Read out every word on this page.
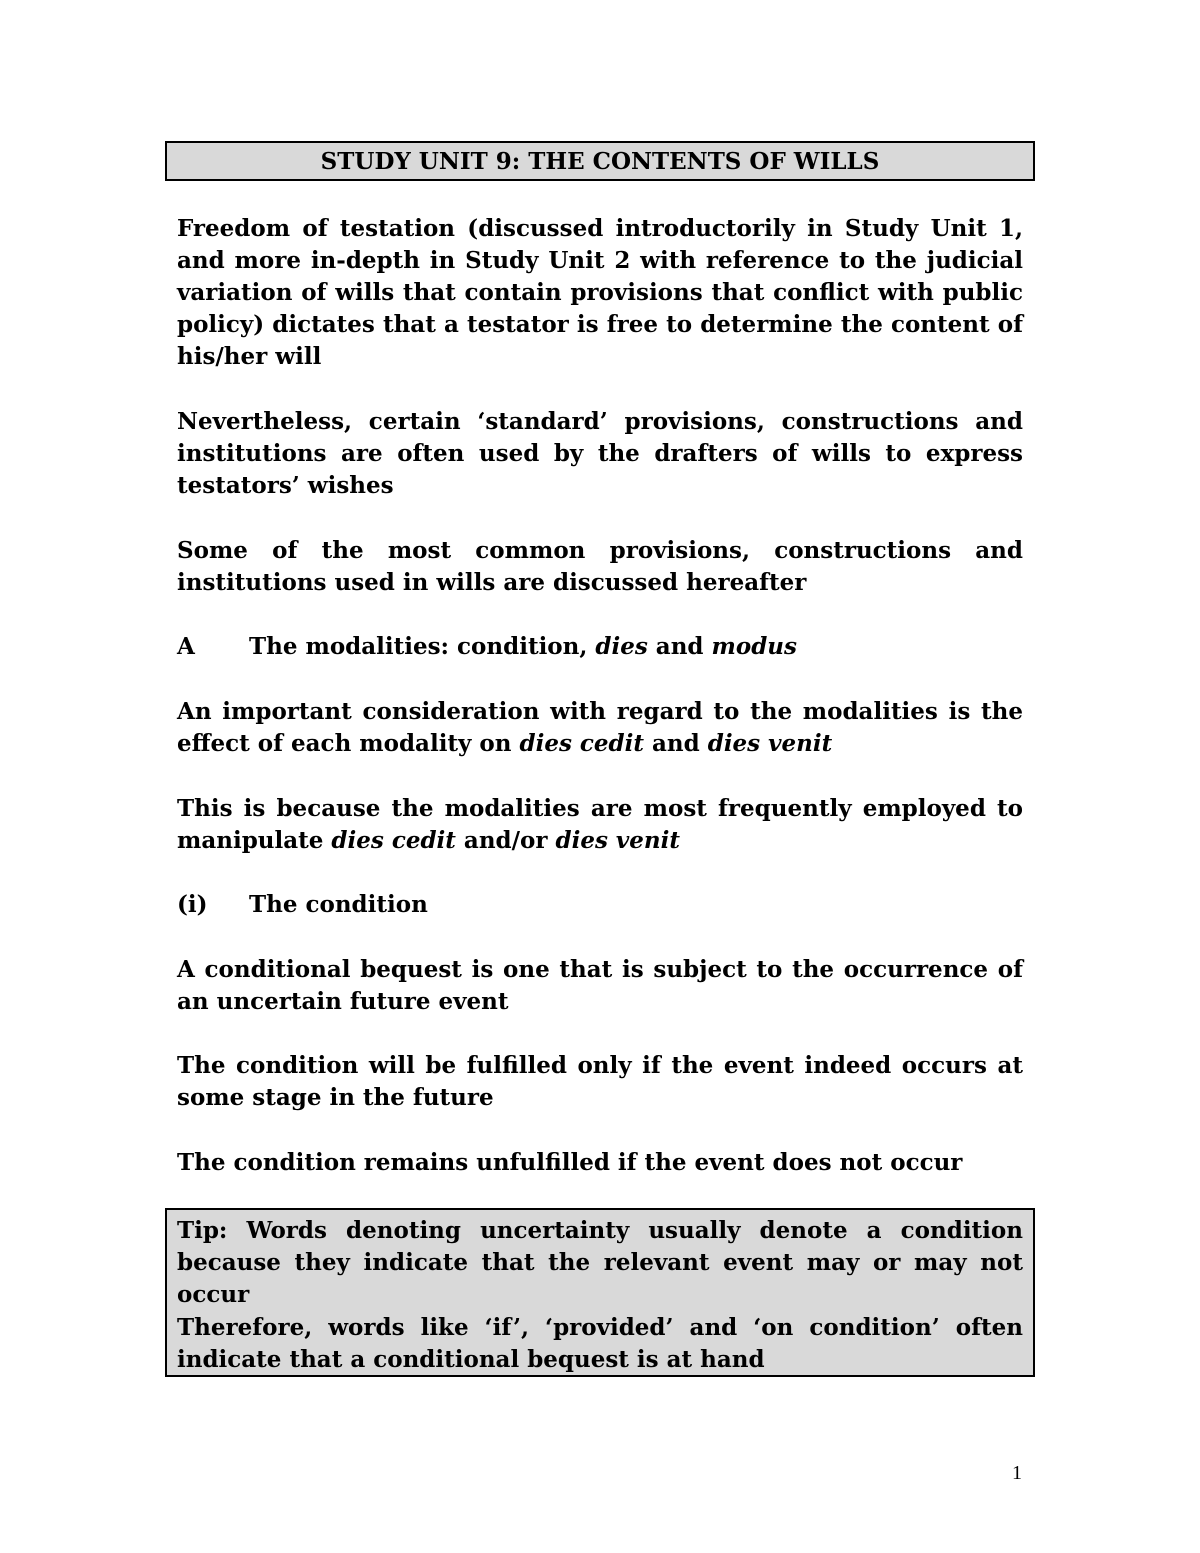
STUDY UNIT 9: THE CONTENTS OF WILLS

Freedom of testation (discussed introductorily in Study Unit 1, and more in-depth in Study Unit 2 with reference to the judicial variation of wills that contain provisions that conflict with public policy) dictates that a testator is free to determine the content of his/her will

Nevertheless, certain ‘standard’ provisions, constructions and institutions are often used by the drafters of wills to express testators’ wishes

Some of the most common provisions, constructions and institutions used in wills are discussed hereafter

A The modalities: condition, dies and modus

An important consideration with regard to the modalities is the effect of each modality on dies cedit and dies venit

This is because the modalities are most frequently employed to manipulate dies cedit and/or dies venit

(i) The condition

A conditional bequest is one that is subject to the occurrence of an uncertain future event

The condition will be fulfilled only if the event indeed occurs at some stage in the future

The condition remains unfulfilled if the event does not occur

Tip: Words denoting uncertainty usually denote a condition because they indicate that the relevant event may or may not occur

Therefore, words like ‘if’, ‘provided’ and ‘on condition’ often indicate that a conditional bequest is at hand

1
